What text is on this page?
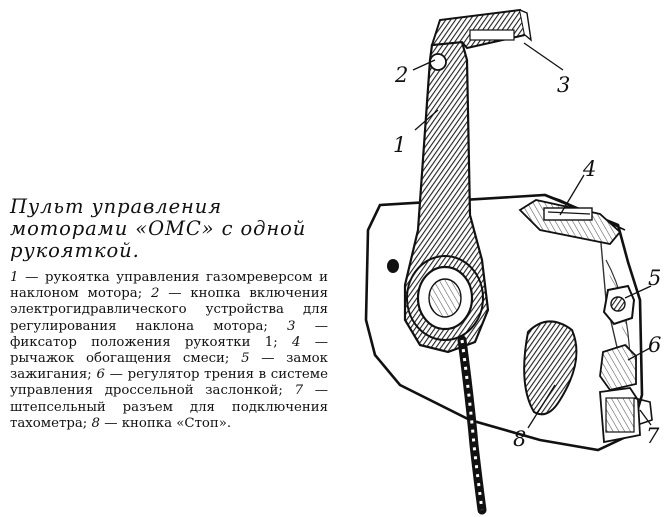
Пульт управления моторами «ОМС» с одной рукояткой.

1 — рукоятка управления газомреверсом и наклоном мотора; 2 — кнопка включения электрогидравлического устройства для регулирования наклона мотора; 3 — фиксатор положения рукоятки 1; 4 — рычажок обогащения смеси; 5 — замок зажигания; 6 — регулятор трения в системе управления дроссельной заслонкой; 7 — штепсельный разъем для подключения тахометра; 8 — кнопка «Стоп».

2	3
1
4
5
6
7
8
